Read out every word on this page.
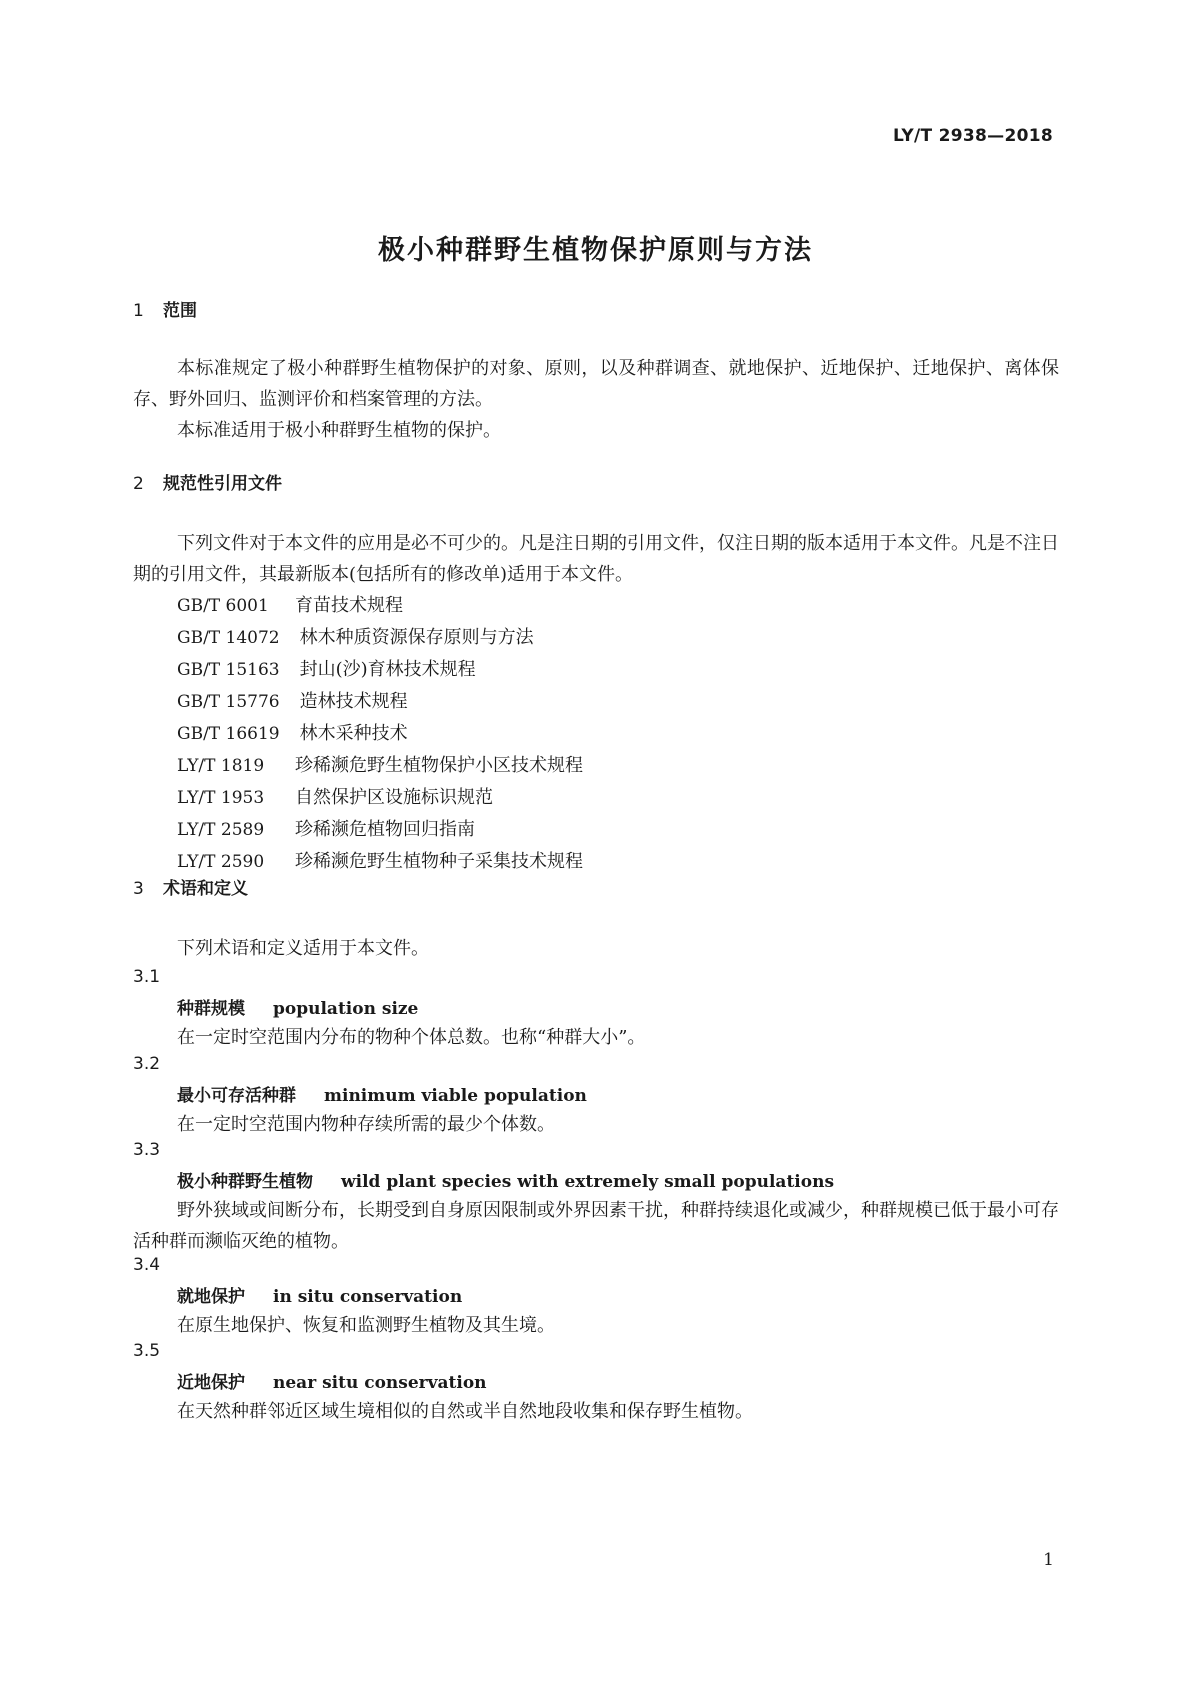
LY/T 2938—2018
极小种群野生植物保护原则与方法
1 范围

本标准规定了极小种群野生植物保护的对象、原则，以及种群调查、就地保护、近地保护、迁地保护、离体保存、野外回归、监测评价和档案管理的方法。

本标准适用于极小种群野生植物的保护。

2 规范性引用文件

下列文件对于本文件的应用是必不可少的。凡是注日期的引用文件，仅注日期的版本适用于本文件。凡是不注日期的引用文件，其最新版本(包括所有的修改单)适用于本文件。

GB/T 6001 育苗技术规程
GB/T 14072 林木种质资源保存原则与方法
GB/T 15163 封山(沙)育林技术规程
GB/T 15776 造林技术规程
GB/T 16619 林木采种技术
LY/T 1819 珍稀濒危野生植物保护小区技术规程
LY/T 1953 自然保护区设施标识规范
LY/T 2589 珍稀濒危植物回归指南
LY/T 2590 珍稀濒危野生植物种子采集技术规程
3 术语和定义

下列术语和定义适用于本文件。

3.1
种群规模 population size

在一定时空范围内分布的物种个体总数。也称“种群大小”。

3.2
最小可存活种群 minimum viable population

在一定时空范围内物种存续所需的最少个体数。

3.3
极小种群野生植物 wild plant species with extremely small populations

野外狭域或间断分布，长期受到自身原因限制或外界因素干扰，种群持续退化或减少，种群规模已低于最小可存活种群而濒临灭绝的植物。

3.4
就地保护 in situ conservation

在原生地保护、恢复和监测野生植物及其生境。

3.5
近地保护 near situ conservation

在天然种群邻近区域生境相似的自然或半自然地段收集和保存野生植物。

1
